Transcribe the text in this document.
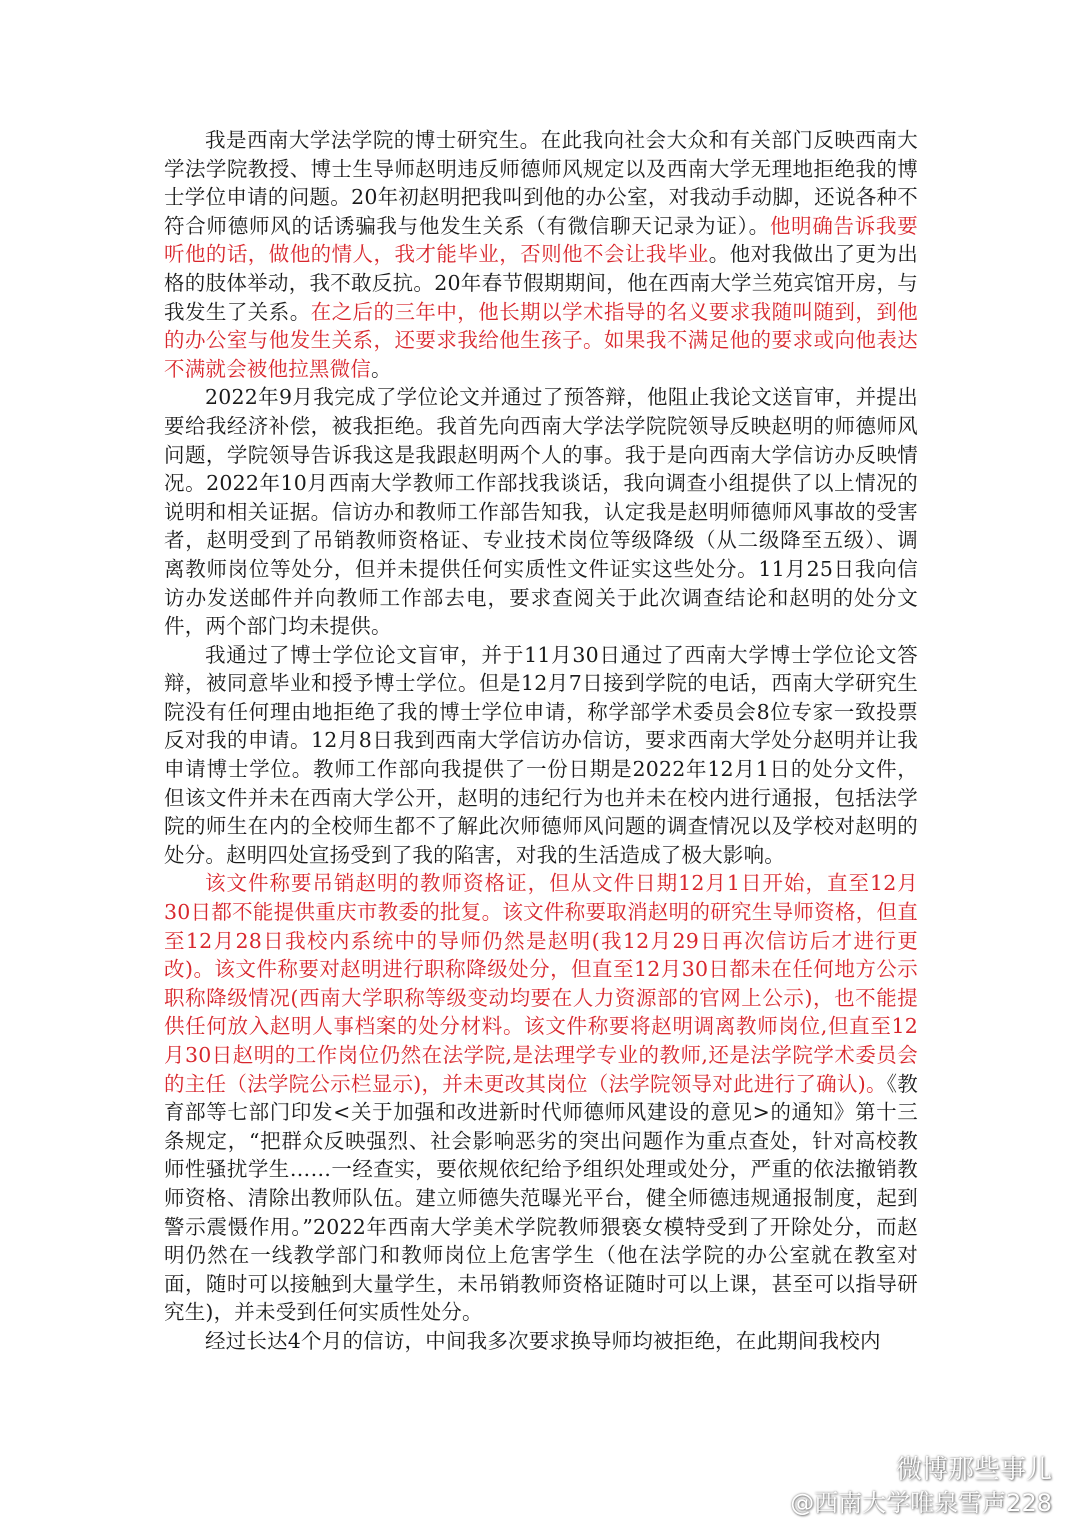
我是西南大学法学院的博士研究生。在此我向社会大众和有关部门反映西南大学法学院教授、博士生导师赵明违反师德师风规定以及西南大学无理地拒绝我的博士学位申请的问题。20年初赵明把我叫到他的办公室，对我动手动脚，还说各种不符合师德师风的话诱骗我与他发生关系（有微信聊天记录为证）。他明确告诉我要听他的话，做他的情人，我才能毕业，否则他不会让我毕业。他对我做出了更为出格的肢体举动，我不敢反抗。20年春节假期期间，他在西南大学兰苑宾馆开房，与我发生了关系。在之后的三年中，他长期以学术指导的名义要求我随叫随到，到他的办公室与他发生关系，还要求我给他生孩子。如果我不满足他的要求或向他表达不满就会被他拉黑微信。

2022年9月我完成了学位论文并通过了预答辩，他阻止我论文送盲审，并提出要给我经济补偿，被我拒绝。我首先向西南大学法学院院领导反映赵明的师德师风问题，学院领导告诉我这是我跟赵明两个人的事。我于是向西南大学信访办反映情况。2022年10月西南大学教师工作部找我谈话，我向调查小组提供了以上情况的说明和相关证据。信访办和教师工作部告知我，认定我是赵明师德师风事故的受害者，赵明受到了吊销教师资格证、专业技术岗位等级降级（从二级降至五级）、调离教师岗位等处分，但并未提供任何实质性文件证实这些处分。11月25日我向信访办发送邮件并向教师工作部去电，要求查阅关于此次调查结论和赵明的处分文件，两个部门均未提供。

我通过了博士学位论文盲审，并于11月30日通过了西南大学博士学位论文答辩，被同意毕业和授予博士学位。但是12月7日接到学院的电话，西南大学研究生院没有任何理由地拒绝了我的博士学位申请，称学部学术委员会8位专家一致投票反对我的申请。12月8日我到西南大学信访办信访，要求西南大学处分赵明并让我申请博士学位。教师工作部向我提供了一份日期是2022年12月1日的处分文件，但该文件并未在西南大学公开，赵明的违纪行为也并未在校内进行通报，包括法学院的师生在内的全校师生都不了解此次师德师风问题的调查情况以及学校对赵明的处分。赵明四处宣扬受到了我的陷害，对我的生活造成了极大影响。

该文件称要吊销赵明的教师资格证，但从文件日期12月1日开始，直至12月30日都不能提供重庆市教委的批复。该文件称要取消赵明的研究生导师资格，但直至12月28日我校内系统中的导师仍然是赵明(我12月29日再次信访后才进行更改)。该文件称要对赵明进行职称降级处分，但直至12月30日都未在任何地方公示职称降级情况(西南大学职称等级变动均要在人力资源部的官网上公示)，也不能提供任何放入赵明人事档案的处分材料。该文件称要将赵明调离教师岗位,但直至12月30日赵明的工作岗位仍然在法学院,是法理学专业的教师,还是法学院学术委员会的主任（法学院公示栏显示)，并未更改其岗位（法学院领导对此进行了确认)。《教育部等七部门印发<关于加强和改进新时代师德师风建设的意见>的通知》第十三条规定，“把群众反映强烈、社会影响恶劣的突出问题作为重点查处，针对高校教师性骚扰学生……一经查实，要依规依纪给予组织处理或处分，严重的依法撤销教师资格、清除出教师队伍。建立师德失范曝光平台，健全师德违规通报制度，起到警示震慑作用。”2022年西南大学美术学院教师猥亵女模特受到了开除处分，而赵明仍然在一线教学部门和教师岗位上危害学生（他在法学院的办公室就在教室对面，随时可以接触到大量学生，未吊销教师资格证随时可以上课，甚至可以指导研究生)，并未受到任何实质性处分。

经过长达4个月的信访，中间我多次要求换导师均被拒绝，在此期间我校内

微博那些事儿
@西南大学唯泉雪声228
